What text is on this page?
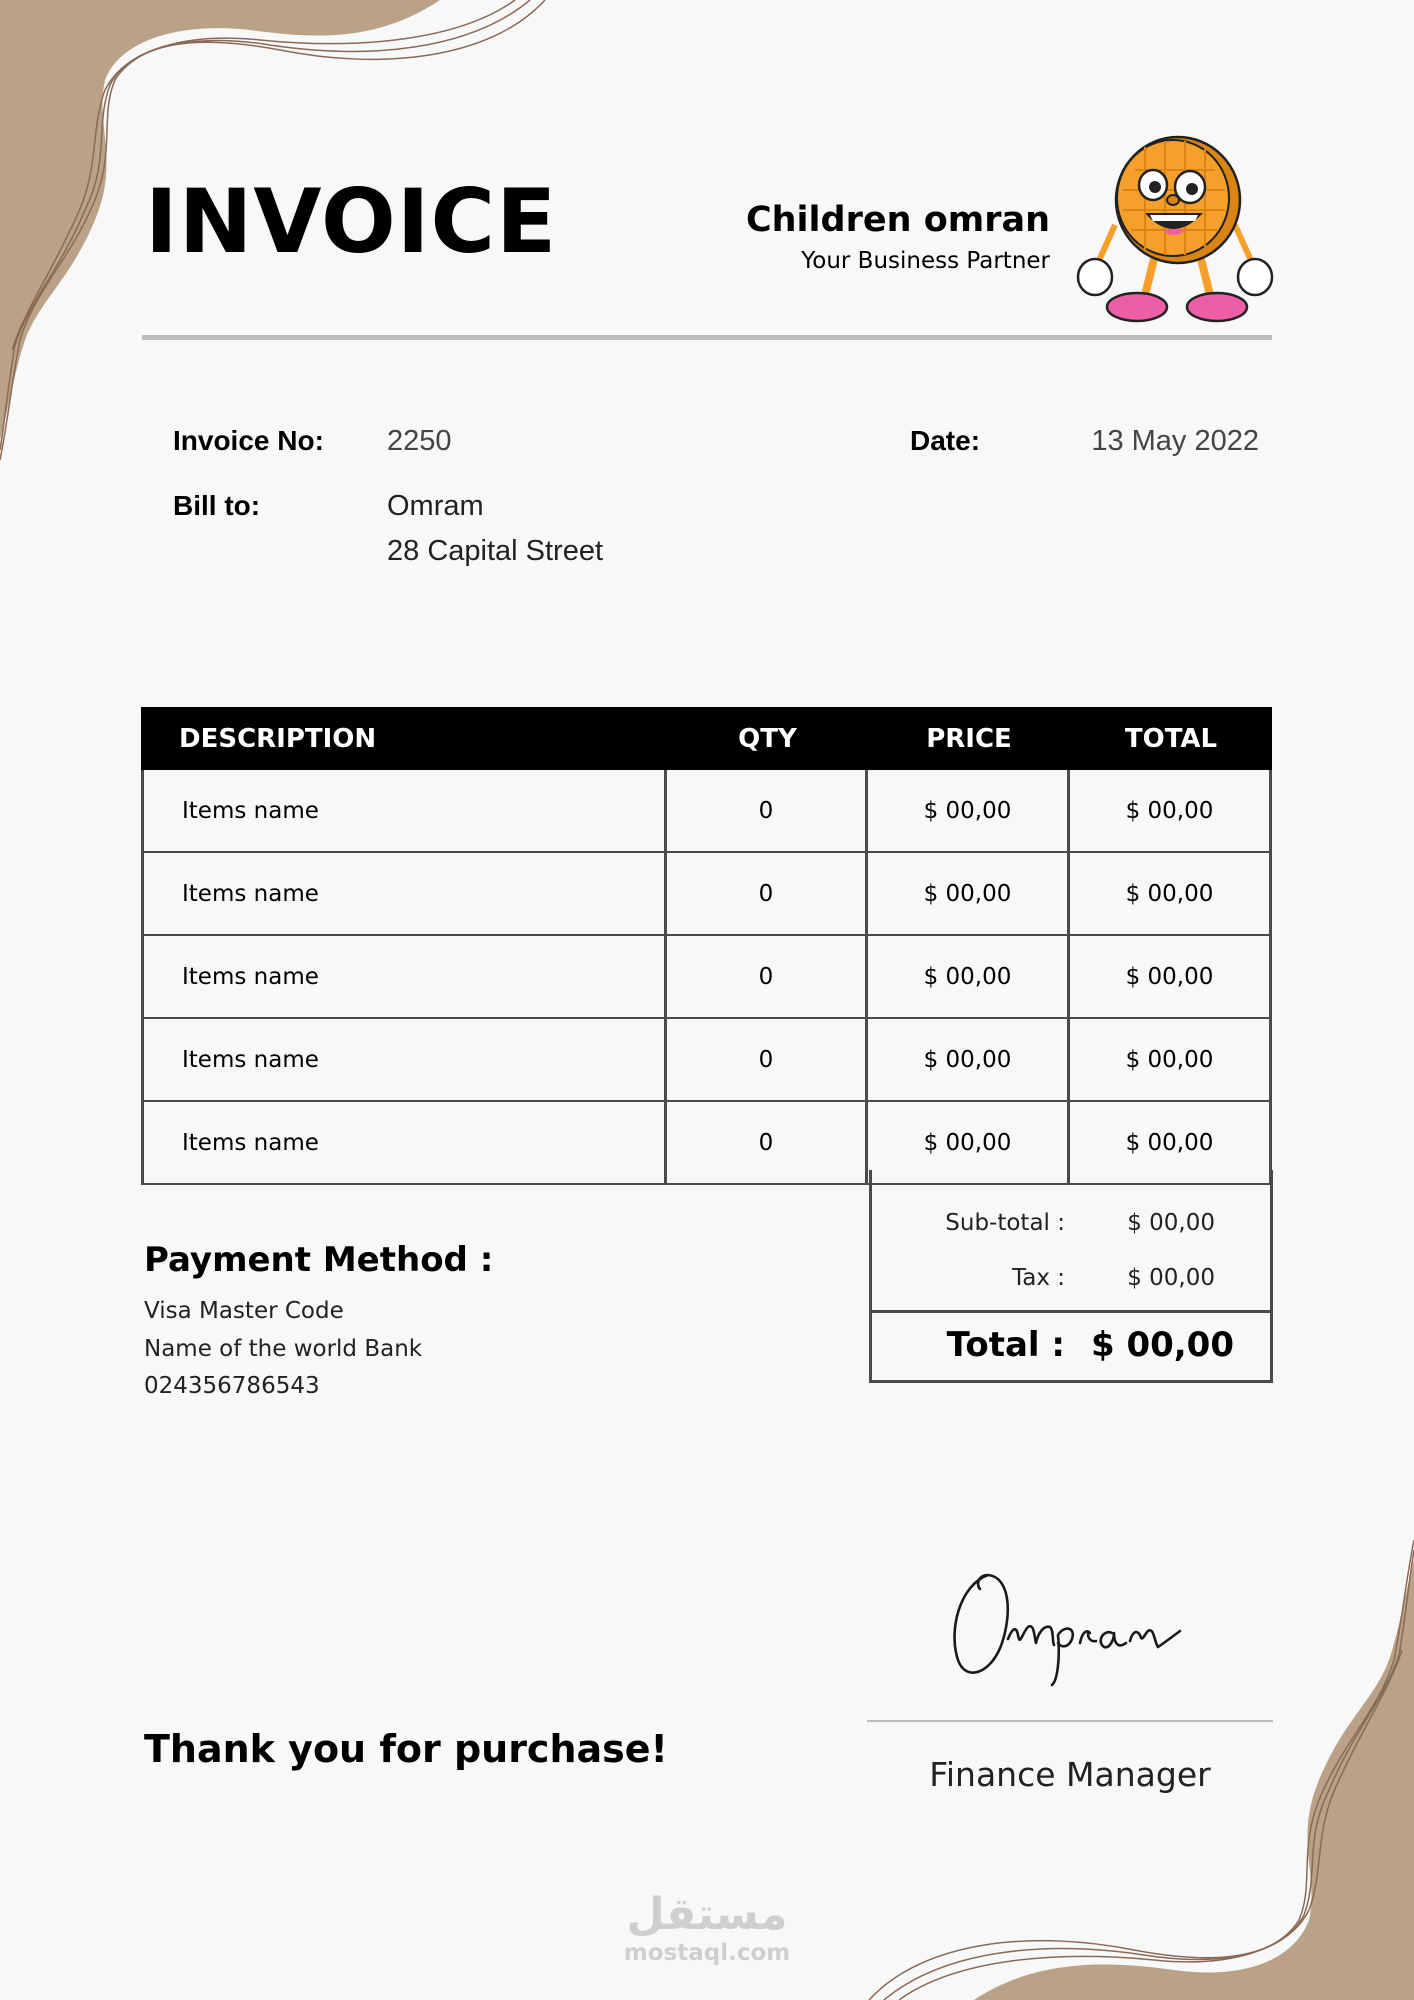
INVOICE	Children omran
Your Business Partner
Invoice No: 2250	Date:	13 May 2022
Bill to:	Omram
28 Capital Street
DESCRIPTION	QTY	PRICE	TOTAL
Items name	0	$ 00,00	$ 00,00
Items name	0	$ 00,00	$ 00,00
Items name	0	$ 00,00	$ 00,00
Items name	0	$ 00,00	$ 00,00
Items name	0	$ 00,00	$ 00,00
Sub-total :	$ 00,00
Tax :	$ 00,00
Total : $ 00,00
Payment Method :
Visa Master Code
Name of the world Bank
024356786543
Thank you for purchase!
Finance Manager
مستقل
mostaql.com
